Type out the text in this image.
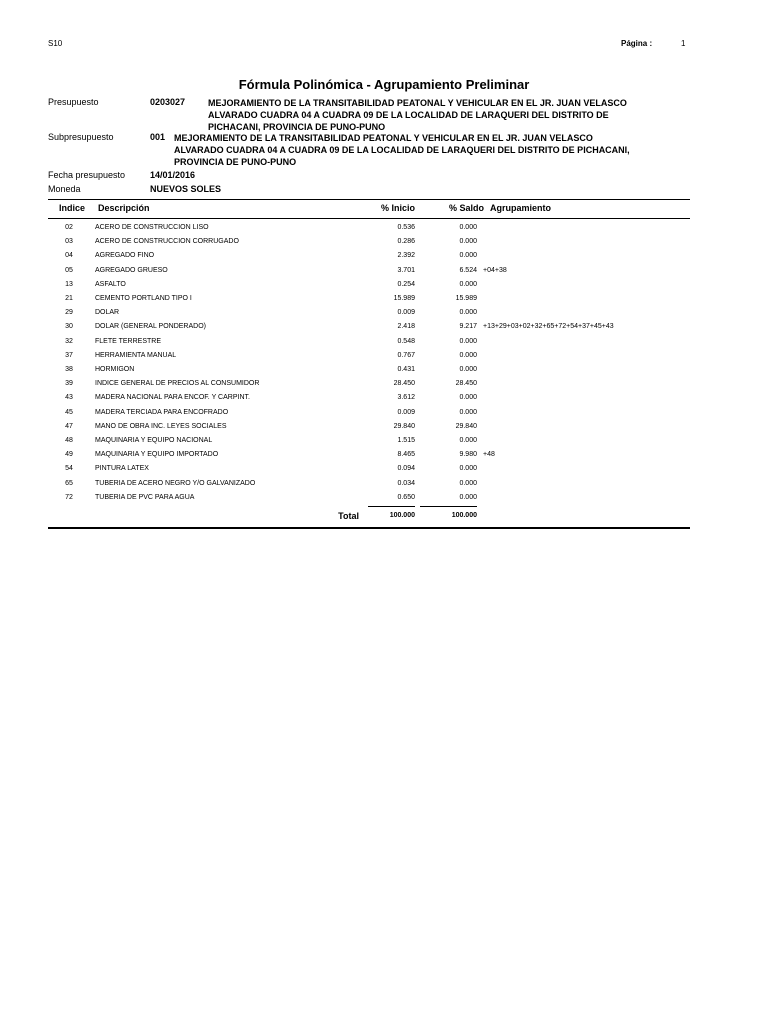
S10	Página :	1
Fórmula Polinómica - Agrupamiento Preliminar
Presupuesto	0203027	MEJORAMIENTO DE LA TRANSITABILIDAD PEATONAL Y VEHICULAR EN EL JR. JUAN VELASCO
ALVARADO CUADRA 04 A CUADRA 09 DE LA LOCALIDAD DE LARAQUERI DEL DISTRITO DE
PICHACANI, PROVINCIA DE PUNO-PUNO
Subpresupuesto	001 MEJORAMIENTO DE LA TRANSITABILIDAD PEATONAL Y VEHICULAR EN EL JR. JUAN VELASCO
ALVARADO CUADRA 04 A CUADRA 09 DE LA LOCALIDAD DE LARAQUERI DEL DISTRITO DE PICHACANI,
PROVINCIA DE PUNO-PUNO
Fecha presupuesto	14/01/2016
Moneda	NUEVOS SOLES
Indice Descripción	% Inicio	% Saldo Agrupamiento
02	ACERO DE CONSTRUCCION LISO	0.536	0.000
03	ACERO DE CONSTRUCCION CORRUGADO	0.286	0.000
04	AGREGADO FINO	2.392	0.000
05	AGREGADO GRUESO	3.701	6.524 +04+38
13	ASFALTO	0.254	0.000
21	CEMENTO PORTLAND TIPO I	15.989	15.989
29	DOLAR	0.009	0.000
30	DOLAR (GENERAL PONDERADO)	2.418	9.217 +13+29+03+02+32+65+72+54+37+45+43
32	FLETE TERRESTRE	0.548	0.000
37	HERRAMIENTA MANUAL	0.767	0.000
38	HORMIGON	0.431	0.000
39	INDICE GENERAL DE PRECIOS AL CONSUMIDOR	28.450	28.450
43	MADERA NACIONAL PARA ENCOF. Y CARPINT.	3.612	0.000
45	MADERA TERCIADA PARA ENCOFRADO	0.009	0.000
47	MANO DE OBRA INC. LEYES SOCIALES	29.840	29.840
48	MAQUINARIA Y EQUIPO NACIONAL	1.515	0.000
49	MAQUINARIA Y EQUIPO IMPORTADO	8.465	9.980 +48
54	PINTURA LATEX	0.094	0.000
65	TUBERIA DE ACERO NEGRO Y/O GALVANIZADO	0.034	0.000
72	TUBERIA DE PVC PARA AGUA	0.650	0.000
Total	100.000	100.000
